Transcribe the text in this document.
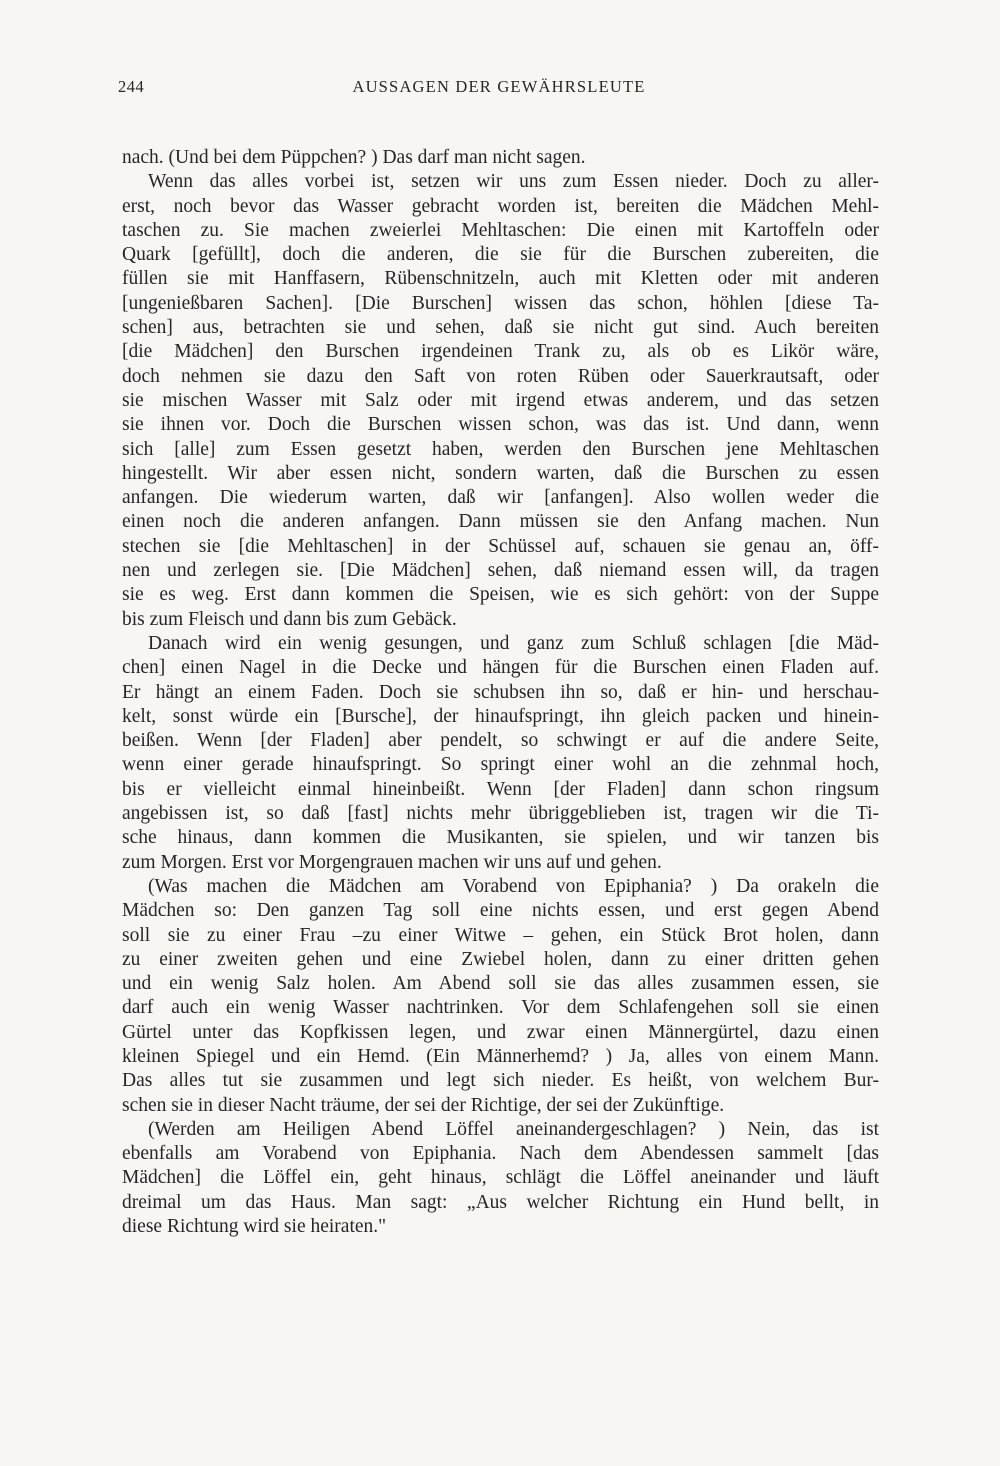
244	AUSSAGEN DER GEWÄHRSLEUTE
nach. (Und bei dem Püppchen? ) Das darf man nicht sagen.
Wenn das alles vorbei ist, setzen wir uns zum Essen nieder. Doch zu aller-
erst, noch bevor das Wasser gebracht worden ist, bereiten die Mädchen Mehl-
taschen zu. Sie machen zweierlei Mehltaschen: Die einen mit Kartoffeln oder
Quark [gefüllt], doch die anderen, die sie für die Burschen zubereiten, die
füllen sie mit Hanffasern, Rübenschnitzeln, auch mit Kletten oder mit anderen
[ungenießbaren Sachen]. [Die Burschen] wissen das schon, höhlen [diese Ta-
schen] aus, betrachten sie und sehen, daß sie nicht gut sind. Auch bereiten
[die Mädchen] den Burschen irgendeinen Trank zu, als ob es Likör wäre,
doch nehmen sie dazu den Saft von roten Rüben oder Sauerkrautsaft, oder
sie mischen Wasser mit Salz oder mit irgend etwas anderem, und das setzen
sie ihnen vor. Doch die Burschen wissen schon, was das ist. Und dann, wenn
sich [alle] zum Essen gesetzt haben, werden den Burschen jene Mehltaschen
hingestellt. Wir aber essen nicht, sondern warten, daß die Burschen zu essen
anfangen. Die wiederum warten, daß wir [anfangen]. Also wollen weder die
einen noch die anderen anfangen. Dann müssen sie den Anfang machen. Nun
stechen sie [die Mehltaschen] in der Schüssel auf, schauen sie genau an, öff-
nen und zerlegen sie. [Die Mädchen] sehen, daß niemand essen will, da tragen
sie es weg. Erst dann kommen die Speisen, wie es sich gehört: von der Suppe
bis zum Fleisch und dann bis zum Gebäck.
Danach wird ein wenig gesungen, und ganz zum Schluß schlagen [die Mäd-
chen] einen Nagel in die Decke und hängen für die Burschen einen Fladen auf.
Er hängt an einem Faden. Doch sie schubsen ihn so, daß er hin- und herschau-
kelt, sonst würde ein [Bursche], der hinaufspringt, ihn gleich packen und hinein-
beißen. Wenn [der Fladen] aber pendelt, so schwingt er auf die andere Seite,
wenn einer gerade hinaufspringt. So springt einer wohl an die zehnmal hoch,
bis er vielleicht einmal hineinbeißt. Wenn [der Fladen] dann schon ringsum
angebissen ist, so daß [fast] nichts mehr übriggeblieben ist, tragen wir die Ti-
sche hinaus, dann kommen die Musikanten, sie spielen, und wir tanzen bis
zum Morgen. Erst vor Morgengrauen machen wir uns auf und gehen.
(Was machen die Mädchen am Vorabend von Epiphania? ) Da orakeln die
Mädchen so: Den ganzen Tag soll eine nichts essen, und erst gegen Abend
soll sie zu einer Frau –zu einer Witwe – gehen, ein Stück Brot holen, dann
zu einer zweiten gehen und eine Zwiebel holen, dann zu einer dritten gehen
und ein wenig Salz holen. Am Abend soll sie das alles zusammen essen, sie
darf auch ein wenig Wasser nachtrinken. Vor dem Schlafengehen soll sie einen
Gürtel unter das Kopfkissen legen, und zwar einen Männergürtel, dazu einen
kleinen Spiegel und ein Hemd. (Ein Männerhemd? ) Ja, alles von einem Mann.
Das alles tut sie zusammen und legt sich nieder. Es heißt, von welchem Bur-
schen sie in dieser Nacht träume, der sei der Richtige, der sei der Zukünftige.
(Werden am Heiligen Abend Löffel aneinandergeschlagen? ) Nein, das ist
ebenfalls am Vorabend von Epiphania. Nach dem Abendessen sammelt [das
Mädchen] die Löffel ein, geht hinaus, schlägt die Löffel aneinander und läuft
dreimal um das Haus. Man sagt: „Aus welcher Richtung ein Hund bellt, in
diese Richtung wird sie heiraten."
